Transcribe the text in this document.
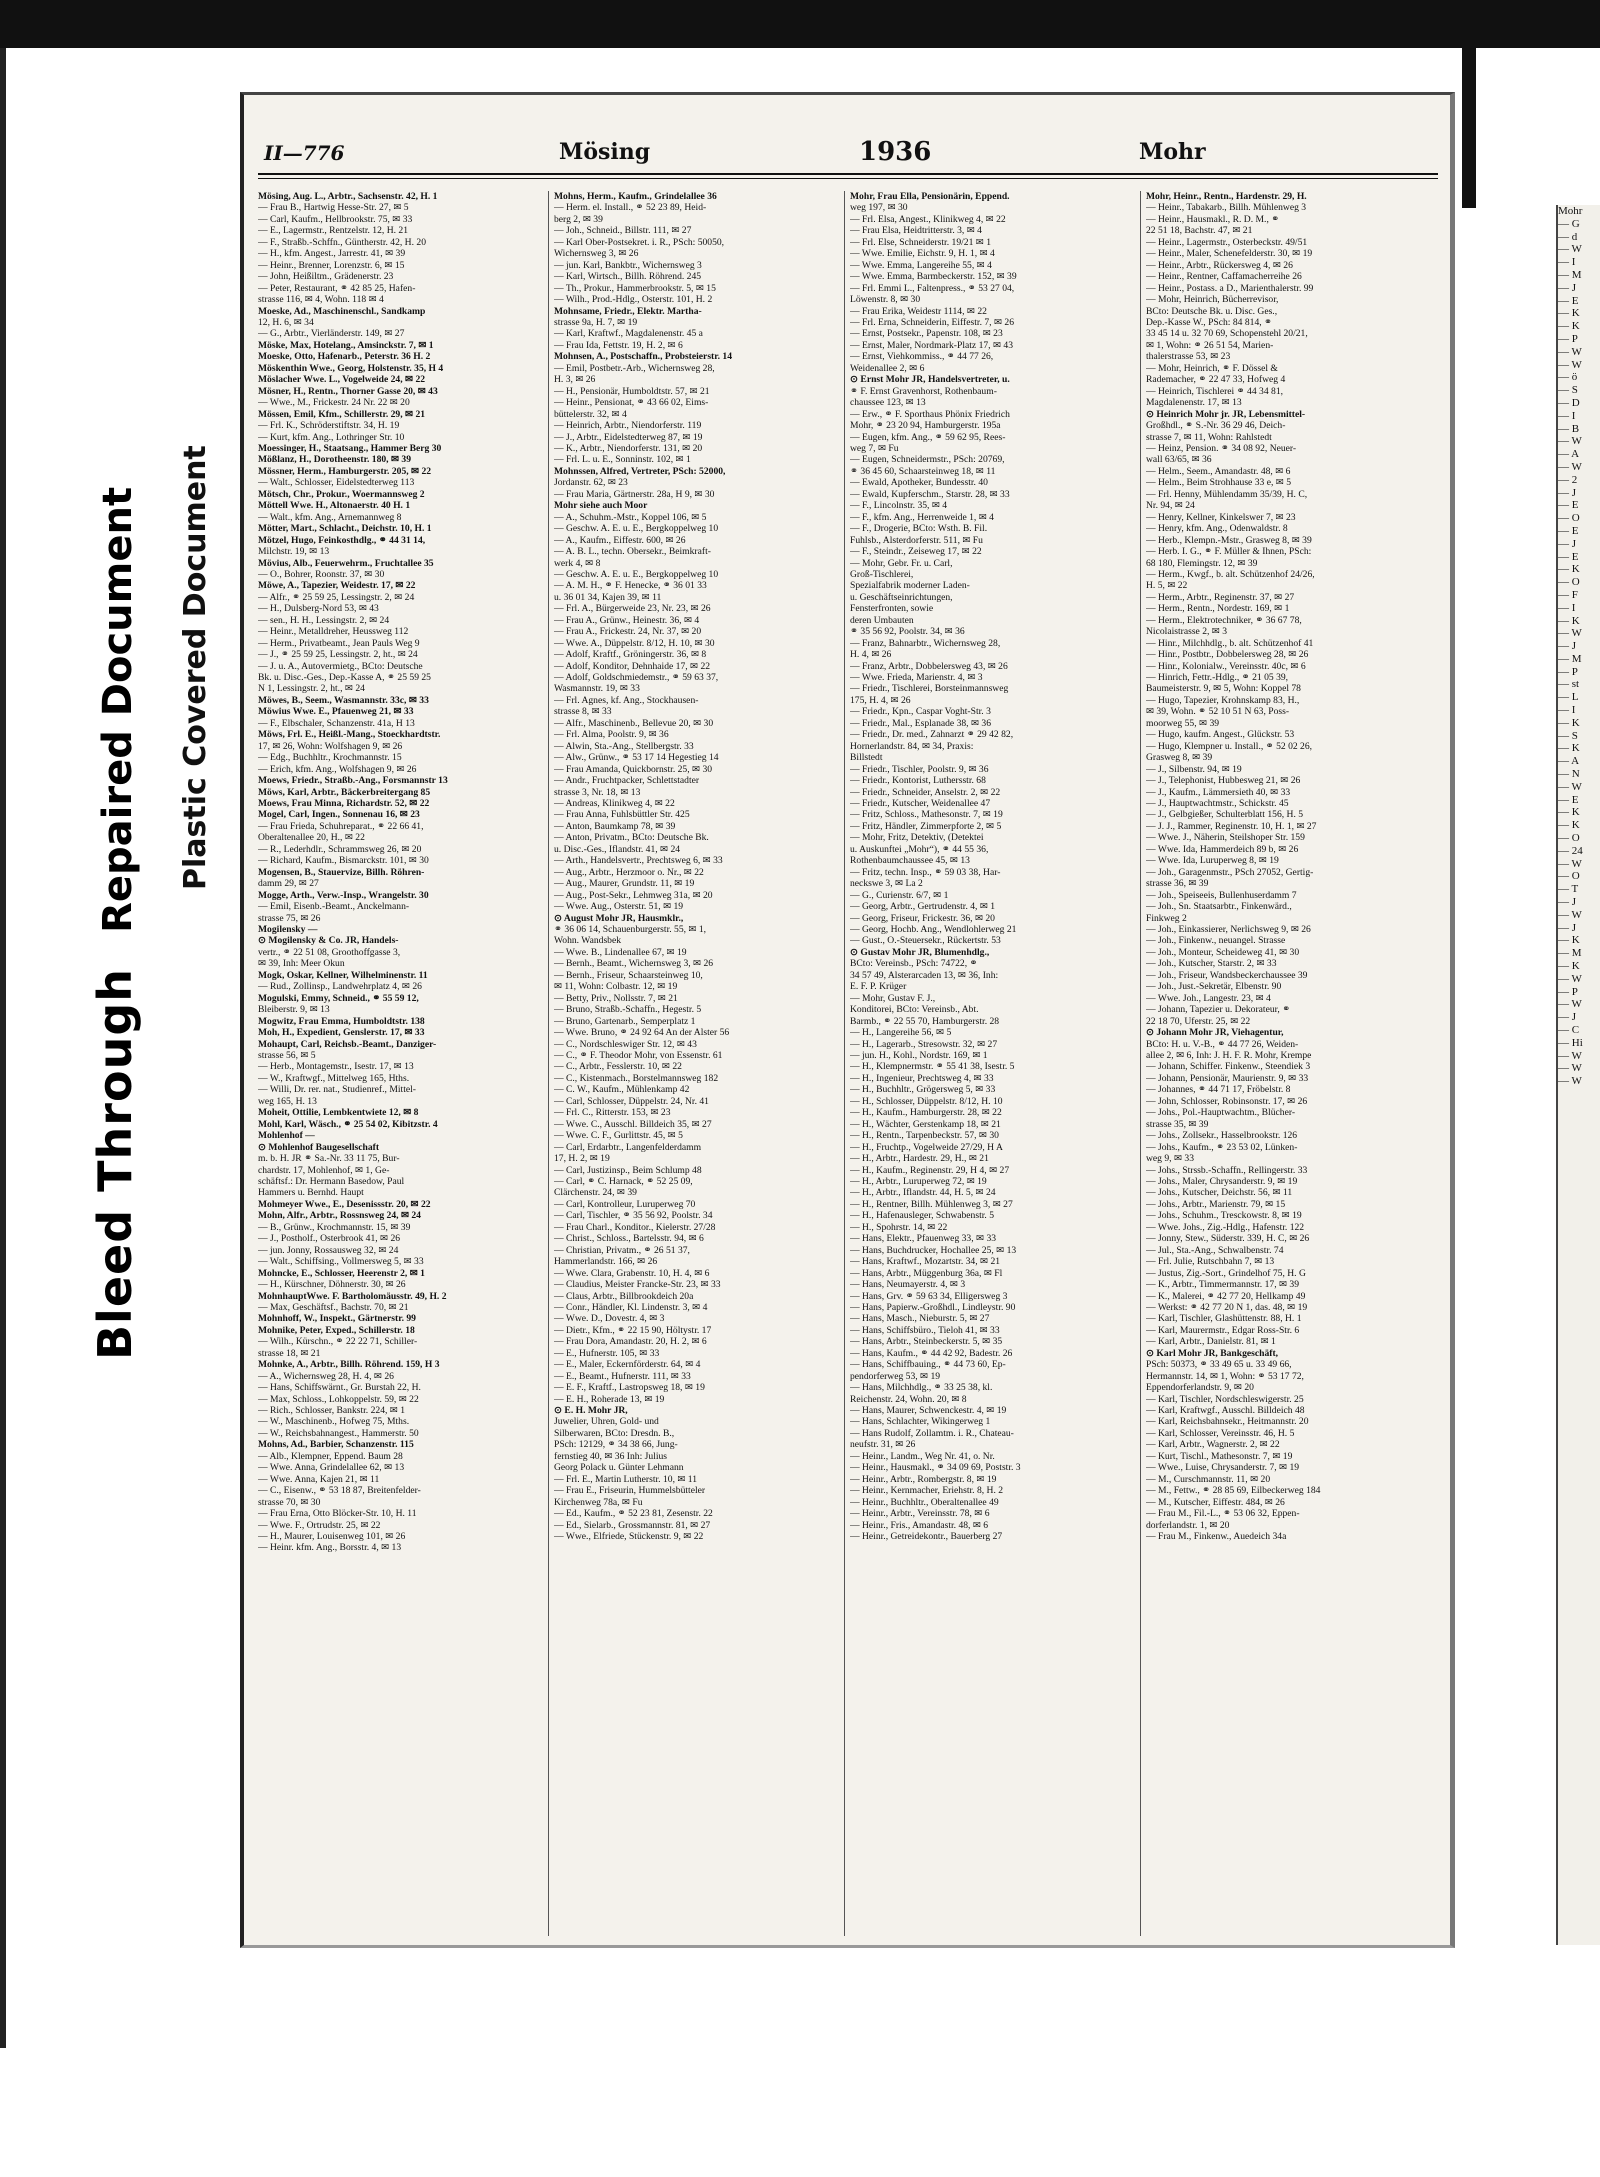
Bleed Through Repaired Document Plastic Covered Document
II—776	Mösing	1936	Mohr
Mösing, Aug. L., Arbtr., Sachsenstr. 42, H. 1
— Frau B., Hartwig Hesse-Str. 27, ✉ 5
— Carl, Kaufm., Hellbrookstr. 75, ✉ 33
— E., Lagermstr., Rentzelstr. 12, H. 21
— F., Straßb.-Schffn., Güntherstr. 42, H. 20
— H., kfm. Angest., Jarrestr. 41, ✉ 39
— Heinr., Brenner, Lorenzstr. 6, ✉ 15
— John, Heißiltm., Grädenerstr. 23
— Peter, Restaurant, ⚭ 42 85 25, Hafen-
strasse 116, ✉ 4, Wohn. 118 ✉ 4
Moeske, Ad., Maschinenschl., Sandkamp
12, H. 6, ✉ 34
— G., Arbtr., Vierländerstr. 149, ✉ 27
Möske, Max, Hotelang., Amsinckstr. 7, ✉ 1
Moeske, Otto, Hafenarb., Peterstr. 36 H. 2
Möskenthin Wwe., Georg, Holstenstr. 35, H 4
Möslacher Wwe. L., Vogelweide 24, ✉ 22
Mösner, H., Rentn., Thorner Gasse 20, ✉ 43
— Wwe., M., Frickestr. 24 Nr. 22 ✉ 20
Mössen, Emil, Kfm., Schillerstr. 29, ✉ 21
— Frl. K., Schröderstiftstr. 34, H. 19
— Kurt, kfm. Ang., Lothringer Str. 10
Moessinger, H., Staatsang., Hammer Berg 30
Mößlanz, H., Dorotheenstr. 180, ✉ 39
Mössner, Herm., Hamburgerstr. 205, ✉ 22
— Walt., Schlosser, Eidelstedterweg 113
Mötsch, Chr., Prokur., Woermannsweg 2
Möttell Wwe. H., Altonaerstr. 40 H. 1
— Walt., kfm. Ang., Arnemannweg 8
Mötter, Mart., Schlacht., Deichstr. 10, H. 1
Mötzel, Hugo, Feinkosthdlg., ⚭ 44 31 14,
Milchstr. 19, ✉ 13
Mövius, Alb., Feuerwehrm., Fruchtallee 35
— O., Bohrer, Roonstr. 37, ✉ 30
Möwe, A., Tapezier, Weidestr. 17, ✉ 22
— Alfr., ⚭ 25 59 25, Lessingstr. 2, ✉ 24
— H., Dulsberg-Nord 53, ✉ 43
— sen., H. H., Lessingstr. 2, ✉ 24
— Heinr., Metalldreher, Heussweg 112
— Herm., Privatbeamt., Jean Pauls Weg 9
— J., ⚭ 25 59 25, Lessingstr. 2, ht., ✉ 24
— J. u. A., Autovermietg., BCto: Deutsche
Bk. u. Disc.-Ges., Dep.-Kasse A, ⚭ 25 59 25
N 1, Lessingstr. 2, ht., ✉ 24
Möwes, B., Seem., Wasmannstr. 33c, ✉ 33
Möwius Wwe. E., Pfauenweg 21, ✉ 33
— F., Elbschaler, Schanzenstr. 41a, H 13
Möws, Frl. E., Heißl.-Mang., Stoeckhardtstr.
17, ✉ 26, Wohn: Wolfshagen 9, ✉ 26
— Edg., Buchhltr., Krochmannstr. 15
— Erich, kfm. Ang., Wolfshagen 9, ✉ 26
Moews, Friedr., Straßb.-Ang., Forsmannstr 13
Möws, Karl, Arbtr., Bäckerbreitergang 85
Moews, Frau Minna, Richardstr. 52, ✉ 22
Mogel, Carl, Ingen., Sonnenau 16, ✉ 23
— Frau Frieda, Schuhreparat., ⚭ 22 66 41,
Oberaltenallee 20, H., ✉ 22
— R., Lederhdlr., Schrammsweg 26, ✉ 20
— Richard, Kaufm., Bismarckstr. 101, ✉ 30
Mogensen, B., Stauervize, Billh. Röhren-
damm 29, ✉ 27
Mogge, Arth., Verw.-Insp., Wrangelstr. 30
— Emil, Eisenb.-Beamt., Anckelmann-
strasse 75, ✉ 26
Mogilensky —
⊙ Mogilensky & Co. JR, Handels-
vertr., ⚭ 22 51 08, Groothoffgasse 3,
✉ 39, Inh: Meer Okun
Mogk, Oskar, Kellner, Wilhelminenstr. 11
— Rud., Zollinsp., Landwehrplatz 4, ✉ 26
Mogulski, Emmy, Schneid., ⚭ 55 59 12,
Bleiberstr. 9, ✉ 13
Mogwitz, Frau Emma, Humboldtstr. 138
Moh, H., Expedient, Genslerstr. 17, ✉ 33
Mohaupt, Carl, Reichsb.-Beamt., Danziger-
strasse 56, ✉ 5
— Herb., Montagemstr., Isestr. 17, ✉ 13
— W., Kraftwgf., Mittelweg 165, Hths.
— Willi, Dr. rer. nat., Studienref., Mittel-
weg 165, H. 13
Moheit, Ottilie, Lembkentwiete 12, ✉ 8
Mohl, Karl, Wäsch., ⚭ 25 54 02, Kibitzstr. 4
Mohlenhof —
⊙ Mohlenhof Baugesellschaft
m. b. H. JR ⚭ Sa.-Nr. 33 11 75, Bur-
chardstr. 17, Mohlenhof, ✉ 1, Ge-
schäftsf.: Dr. Hermann Basedow, Paul
Hammers u. Bernhd. Haupt
Mohmeyer Wwe., E., Desenissstr. 20, ✉ 22
Mohn, Alfr., Arbtr., Rossnsweg 24, ✉ 24
— B., Grünw., Krochmannstr. 15, ✉ 39
— J., Postholf., Osterbrook 41, ✉ 26
— jun. Jonny, Rossausweg 32, ✉ 24
— Walt., Schiffsing., Vollmersweg 5, ✉ 33
Mohncke, E., Schlosser, Heerenstr 2, ✉ 1
— H., Kürschner, Döhnerstr. 30, ✉ 26
MohnhauptWwe. F. Bartholomäusstr. 49, H. 2
— Max, Geschäftsf., Bachstr. 70, ✉ 21
Mohnhoff, W., Inspekt., Gärtnerstr. 99
Mohnike, Peter, Exped., Schillerstr. 18
— Wilh., Kürschn., ⚭ 22 22 71, Schiller-
strasse 18, ✉ 21
Mohnke, A., Arbtr., Billh. Röhrend. 159, H 3
— A., Wichernsweg 28, H. 4, ✉ 26
— Hans, Schiffswärnt., Gr. Burstah 22, H.
— Max, Schloss., Lohkoppelstr. 59, ✉ 22
— Rich., Schlosser, Bankstr. 224, ✉ 1
— W., Maschinenb., Hofweg 75, Mths.
— W., Reichsbahnangest., Hammerstr. 50
Mohns, Ad., Barbier, Schanzenstr. 115
— Alb., Klempner, Eppend. Baum 28
— Wwe. Anna, Grindelallee 62, ✉ 13
— Wwe. Anna, Kajen 21, ✉ 11
— C., Eisenw., ⚭ 53 18 87, Breitenfelder-
strasse 70, ✉ 30
— Frau Erna, Otto Blöcker-Str. 10, H. 11
— Wwe. F., Ortrudstr. 25, ✉ 22
— H., Maurer, Louisenweg 101, ✉ 26
— Heinr. kfm. Ang., Borsstr. 4, ✉ 13
Mohns, Herm., Kaufm., Grindelallee 36
— Herm. el. Install., ⚭ 52 23 89, Heid-
berg 2, ✉ 39
— Joh., Schneid., Billstr. 111, ✉ 27
— Karl Ober-Postsekret. i. R., PSch: 50050,
Wichernsweg 3, ✉ 26
— jun. Karl, Bankbtr., Wichernsweg 3
— Karl, Wirtsch., Billh. Röhrend. 245
— Th., Prokur., Hammerbrookstr. 5, ✉ 15
— Wilh., Prod.-Hdlg., Osterstr. 101, H. 2
Mohnsame, Friedr., Elektr. Martha-
strasse 9a, H. 7, ✉ 19
— Karl, Kraftwf., Magdalenenstr. 45 a
— Frau Ida, Fettstr. 19, H. 2, ✉ 6
Mohnsen, A., Postschaffn., Probsteierstr. 14
— Emil, Postbetr.-Arb., Wichernsweg 28,
H. 3, ✉ 26
— H., Pensionär, Humboldtstr. 57, ✉ 21
— Heinr., Pensionat, ⚭ 43 66 02, Eims-
büttelerstr. 32, ✉ 4
— Heinrich, Arbtr., Niendorferstr. 119
— J., Arbtr., Eidelstedterweg 87, ✉ 19
— K., Arbtr., Niendorferstr. 131, ✉ 20
— Frl. L. u. E., Sonninstr. 102, ✉ 1
Mohnssen, Alfred, Vertreter, PSch: 52000,
Jordanstr. 62, ✉ 23
— Frau Maria, Gärtnerstr. 28a, H 9, ✉ 30
Mohr siehe auch Moor
— A., Schuhm.-Mstr., Koppel 106, ✉ 5
— Geschw. A. E. u. E., Bergkoppelweg 10
— A., Kaufm., Eiffestr. 600, ✉ 26
— A. B. L., techn. Obersekr., Beimkraft-
werk 4, ✉ 8
— Geschw. A. E. u. E., Bergkoppelweg 10
— A. M. H., ⚭ F. Henecke, ⚭ 36 01 33
u. 36 01 34, Kajen 39, ✉ 11
— Frl. A., Bürgerweide 23, Nr. 23, ✉ 26
— Frau A., Grünw., Heinestr. 36, ✉ 4
— Frau A., Frickestr. 24, Nr. 37, ✉ 20
— Wwe. A., Düppelstr. 8/12, H. 10, ✉ 30
— Adolf, Kraftf., Gröningerstr. 36, ✉ 8
— Adolf, Konditor, Dehnhaide 17, ✉ 22
— Adolf, Goldschmiedemstr., ⚭ 59 63 37,
Wasmannstr. 19, ✉ 33
— Frl. Agnes, kf. Ang., Stockhausen-
strasse 8, ✉ 33
— Alfr., Maschinenb., Bellevue 20, ✉ 30
— Frl. Alma, Poolstr. 9, ✉ 36
— Alwin, Sta.-Ang., Stellbergstr. 33
— Alw., Grünw., ⚭ 53 17 14 Hegestieg 14
— Frau Amanda, Quickbornstr. 25, ✉ 30
— Andr., Fruchtpacker, Schlettstadter
strasse 3, Nr. 18, ✉ 13
— Andreas, Klinikweg 4, ✉ 22
— Frau Anna, Fuhlsbüttler Str. 425
— Anton, Baumkamp 78, ✉ 39
— Anton, Privatm., BCto: Deutsche Bk.
u. Disc.-Ges., Iflandstr. 41, ✉ 24
— Arth., Handelsvertr., Prechtsweg 6, ✉ 33
— Aug., Arbtr., Herzmoor o. Nr., ✉ 22
— Aug., Maurer, Grundstr. 11, ✉ 19
— Aug., Post-Sekr., Lehmweg 31a, ✉ 20
— Wwe. Aug., Osterstr. 51, ✉ 19
⊙ August Mohr JR, Hausmklr.,
⚭ 36 06 14, Schauenburgerstr. 55, ✉ 1,
Wohn. Wandsbek
— Wwe. B., Lindenallee 67, ✉ 19
— Bernh., Beamt., Wichernsweg 3, ✉ 26
— Bernh., Friseur, Schaarsteinweg 10,
✉ 11, Wohn: Colbastr. 12, ✉ 19
— Betty, Priv., Nollsstr. 7, ✉ 21
— Bruno, Straßb.-Schaffn., Hegestr. 5
— Bruno, Gartenarb., Semperplatz 1
— Wwe. Bruno, ⚭ 24 92 64 An der Alster 56
— C., Nordschleswiger Str. 12, ✉ 43
— C., ⚭ F. Theodor Mohr, von Essenstr. 61
— C., Arbtr., Fesslerstr. 10, ✉ 22
— C., Kistenmach., Borstelmannsweg 182
— C. W., Kaufm., Mühlenkamp 42
— Carl, Schlosser, Düppelstr. 24, Nr. 41
— Frl. C., Ritterstr. 153, ✉ 23
— Wwe. C., Ausschl. Billdeich 35, ✉ 27
— Wwe. C. F., Gurlittstr. 45, ✉ 5
— Carl, Erdarbtr., Langenfelderdamm
17, H. 2, ✉ 19
— Carl, Justizinsp., Beim Schlump 48
— Carl, ⚭ C. Harnack, ⚭ 52 25 09,
Clärchenstr. 24, ✉ 39
— Carl, Kontrolleur, Luruperweg 70
— Carl, Tischler, ⚭ 35 56 92, Poolstr. 34
— Frau Charl., Konditor., Kielerstr. 27/28
— Christ., Schloss., Bartelsstr. 94, ✉ 6
— Christian, Privatm., ⚭ 26 51 37,
Hammerlandstr. 166, ✉ 26
— Wwe. Clara, Grabenstr. 10, H. 4, ✉ 6
— Claudius, Meister Francke-Str. 23, ✉ 33
— Claus, Arbtr., Billbrookdeich 20a
— Conr., Händler, Kl. Lindenstr. 3, ✉ 4
— Wwe. D., Dovestr. 4, ✉ 3
— Dietr., Kfm., ⚭ 22 15 90, Höltystr. 17
— Frau Dora, Amandastr. 20, H. 2, ✉ 6
— E., Hufnerstr. 105, ✉ 33
— E., Maler, Eckernförderstr. 64, ✉ 4
— E., Beamt., Hufnerstr. 111, ✉ 33
— E. F., Kraftf., Lastropsweg 18, ✉ 19
— E. H., Roherade 13, ✉ 19
⊙ E. H. Mohr JR,
Juwelier, Uhren, Gold- und
Silberwaren, BCto: Dresdn. B.,
PSch: 12129, ⚭ 34 38 66, Jung-
fernstieg 40, ✉ 36 Inh: Julius
Georg Polack u. Günter Lehmann
— Frl. E., Martin Lutherstr. 10, ✉ 11
— Frau E., Friseurin, Hummelsbütteler
Kirchenweg 78a, ✉ Fu
— Ed., Kaufm., ⚭ 52 23 81, Zesenstr. 22
— Ed., Sielarb., Grossmannstr. 81, ✉ 27
— Wwe., Elfriede, Stückenstr. 9, ✉ 22
Mohr, Frau Ella, Pensionärin, Eppend.
weg 197, ✉ 30
— Frl. Elsa, Angest., Klinikweg 4, ✉ 22
— Frau Elsa, Heidtritterstr. 3, ✉ 4
— Frl. Else, Schneiderstr. 19/21 ✉ 1
— Wwe. Emilie, Eichstr. 9, H. 1, ✉ 4
— Wwe. Emma, Langereihe 55, ✉ 4
— Wwe. Emma, Barmbeckerstr. 152, ✉ 39
— Frl. Emmi L., Faltenpress., ⚭ 53 27 04,
Löwenstr. 8, ✉ 30
— Frau Erika, Weidestr 1114, ✉ 22
— Frl. Erna, Schneiderin, Eiffestr. 7, ✉ 26
— Ernst, Postsekr., Papenstr. 108, ✉ 23
— Ernst, Maler, Nordmark-Platz 17, ✉ 43
— Ernst, Viehkommiss., ⚭ 44 77 26,
Weidenallee 2, ✉ 6
⊙ Ernst Mohr JR, Handelsvertreter, u.
⚭ F. Ernst Gravenhorst, Rothenbaum-
chaussee 123, ✉ 13
— Erw., ⚭ F. Sporthaus Phönix Friedrich
Mohr, ⚭ 23 20 94, Hamburgerstr. 195a
— Eugen, kfm. Ang., ⚭ 59 62 95, Rees-
weg 7, ✉ Fu
— Eugen, Schneidermstr., PSch: 20769,
⚭ 36 45 60, Schaarsteinweg 18, ✉ 11
— Ewald, Apotheker, Bundesstr. 40
— Ewald, Kupferschm., Starstr. 28, ✉ 33
— F., Lincolnstr. 35, ✉ 4
— F., kfm. Ang., Herrenweide 1, ✉ 4
— F., Drogerie, BCto: Wsth. B. Fil.
Fuhlsb., Alsterdorferstr. 511, ✉ Fu
— F., Steindr., Zeiseweg 17, ✉ 22
— Mohr, Gebr. Fr. u. Carl,
Groß-Tischlerei,
Spezialfabrik moderner Laden-
u. Geschäftseinrichtungen,
Fensterfronten, sowie
deren Umbauten
⚭ 35 56 92, Poolstr. 34, ✉ 36
— Franz, Bahnarbtr., Wichernsweg 28,
H. 4, ✉ 26
— Franz, Arbtr., Dobbelersweg 43, ✉ 26
— Wwe. Frieda, Marienstr. 4, ✉ 3
— Friedr., Tischlerei, Borsteinmannsweg
175, H. 4, ✉ 26
— Friedr., Kpn., Caspar Voght-Str. 3
— Friedr., Mal., Esplanade 38, ✉ 36
— Friedr., Dr. med., Zahnarzt ⚭ 29 42 82,
Hornerlandstr. 84, ✉ 34, Praxis:
Billstedt
— Friedr., Tischler, Poolstr. 9, ✉ 36
— Friedr., Kontorist, Luthersstr. 68
— Friedr., Schneider, Anselstr. 2, ✉ 22
— Friedr., Kutscher, Weidenallee 47
— Fritz, Schloss., Mathesonstr. 7, ✉ 19
— Fritz, Händler, Zimmerpforte 2, ✉ 5
— Mohr, Fritz, Detektiv, (Detektei
u. Auskunftei „Mohr“), ⚭ 44 55 36,
Rothenbaumchaussee 45, ✉ 13
— Fritz, techn. Insp., ⚭ 59 03 38, Har-
neckswe 3, ✉ La 2
— G., Curienstr. 6/7, ✉ 1
— Georg, Arbtr., Gertrudenstr. 4, ✉ 1
— Georg, Friseur, Frickestr. 36, ✉ 20
— Georg, Hochb. Ang., Wendlohlerweg 21
— Gust., O.-Steuersekr., Rückertstr. 53
⊙ Gustav Mohr JR, Blumenhdlg.,
BCto: Vereinsb., PSch: 74722, ⚭
34 57 49, Alsterarcaden 13, ✉ 36, Inh:
E. F. P. Krüger
— Mohr, Gustav F. J.,
Konditorei, BCto: Vereinsb., Abt.
Barmb., ⚭ 22 55 70, Hamburgerstr. 28
— H., Langereihe 56, ✉ 5
— H., Lagerarb., Stresowstr. 32, ✉ 27
— jun. H., Kohl., Nordstr. 169, ✉ 1
— H., Klempnermstr. ⚭ 55 41 38, Isestr. 5
— H., Ingenieur, Prechtsweg 4, ✉ 33
— H., Buchhltr., Grögersweg 5, ✉ 33
— H., Schlosser, Düppelstr. 8/12, H. 10
— H., Kaufm., Hamburgerstr. 28, ✉ 22
— H., Wächter, Gerstenkamp 18, ✉ 21
— H., Rentn., Tarpenbeckstr. 57, ✉ 30
— H., Fruchtp., Vogelweide 27/29, H A
— H., Arbtr., Hardestr. 29, H., ✉ 21
— H., Kaufm., Reginenstr. 29, H 4, ✉ 27
— H., Arbtr., Luruperweg 72, ✉ 19
— H., Arbtr., Iflandstr. 44, H. 5, ✉ 24
— H., Rentner, Billh. Mühlenweg 3, ✉ 27
— H., Hafenausleger, Schwabenstr. 5
— H., Spohrstr. 14, ✉ 22
— Hans, Elektr., Pfauenweg 33, ✉ 33
— Hans, Buchdrucker, Hochallee 25, ✉ 13
— Hans, Kraftwf., Mozartstr. 34, ✉ 21
— Hans, Arbtr., Müggenburg 36a, ✉ Fl
— Hans, Neumayerstr. 4, ✉ 3
— Hans, Grv. ⚭ 59 63 34, Elligersweg 3
— Hans, Papierw.-Großhdl., Lindleystr. 90
— Hans, Masch., Nieburstr. 5, ✉ 27
— Hans, Schiffsbüro., Tieloh 41, ✉ 33
— Hans, Arbtr., Steinbeckerstr. 5, ✉ 35
— Hans, Kaufm., ⚭ 44 42 92, Badestr. 26
— Hans, Schiffbauing., ⚭ 44 73 60, Ep-
pendorferweg 53, ✉ 19
— Hans, Milchhdlg., ⚭ 33 25 38, kl.
Reichenstr. 24, Wohn. 20, ✉ 8
— Hans, Maurer, Schwenckestr. 4, ✉ 19
— Hans, Schlachter, Wikingerweg 1
— Hans Rudolf, Zollamtm. i. R., Chateau-
neufstr. 31, ✉ 26
— Heinr., Landm., Weg Nr. 41, o. Nr.
— Heinr., Hausmakl., ⚭ 34 09 69, Poststr. 3
— Heinr., Arbtr., Rombergstr. 8, ✉ 19
— Heinr., Kernmacher, Eriehstr. 8, H. 2
— Heinr., Buchhltr., Oberaltenallee 49
— Heinr., Arbtr., Vereinsstr. 78, ✉ 6
— Heinr., Fris., Amandastr. 48, ✉ 6
— Heinr., Getreidekontr., Bauerberg 27
Mohr, Heinr., Rentn., Hardenstr. 29, H.
— Heinr., Tabakarb., Billh. Mühlenweg 3
— Heinr., Hausmakl., R. D. M., ⚭
22 51 18, Bachstr. 47, ✉ 21
— Heinr., Lagermstr., Osterbeckstr. 49/51
— Heinr., Maler, Schenefelderstr. 30, ✉ 19
— Heinr., Arbtr., Rückersweg 4, ✉ 26
— Heinr., Rentner, Caffamacherreihe 26
— Heinr., Postass. a D., Marienthalerstr. 99
— Mohr, Heinrich, Bücherrevisor,
BCto: Deutsche Bk. u. Disc. Ges.,
Dep.-Kasse W., PSch: 84 814, ⚭
33 45 14 u. 32 70 69, Schopenstehl 20/21,
✉ 1, Wohn: ⚭ 26 51 54, Marien-
thalerstrasse 53, ✉ 23
— Mohr, Heinrich, ⚭ F. Dössel &
Rademacher, ⚭ 22 47 33, Hofweg 4
— Heinrich, Tischlerei ⚭ 44 34 81,
Magdalenenstr. 17, ✉ 13
⊙ Heinrich Mohr jr. JR, Lebensmittel-
Großhdl., ⚭ S.-Nr. 36 29 46, Deich-
strasse 7, ✉ 11, Wohn: Rahlstedt
— Heinz, Pension. ⚭ 34 08 92, Neuer-
wall 63/65, ✉ 36
— Helm., Seem., Amandastr. 48, ✉ 6
— Helm., Beim Strohhause 33 e, ✉ 5
— Frl. Henny, Mühlendamm 35/39, H. C,
Nr. 94, ✉ 24
— Henry, Kellner, Kinkelswer 7, ✉ 23
— Henry, kfm. Ang., Odenwaldstr. 8
— Herb., Klempn.-Mstr., Grasweg 8, ✉ 39
— Herb. I. G., ⚭ F. Müller & Ihnen, PSch:
68 180, Flemingstr. 12, ✉ 39
— Herm., Kwgf., b. alt. Schützenhof 24/26,
H. 5, ✉ 22
— Herm., Arbtr., Reginenstr. 37, ✉ 27
— Herm., Rentn., Nordestr. 169, ✉ 1
— Herm., Elektrotechniker, ⚭ 36 67 78,
Nicolaistrasse 2, ✉ 3
— Hinr., Milchhdlg., b. alt. Schützenhof 41
— Hinr., Postbtr., Dobbelersweg 28, ✉ 26
— Hinr., Kolonialw., Vereinsstr. 40c, ✉ 6
— Hinrich, Fettr.-Hdlg., ⚭ 21 05 39,
Baumeisterstr. 9, ✉ 5, Wohn: Koppel 78
— Hugo, Tapezier, Krohnskamp 83, H.,
✉ 39, Wohn. ⚭ 52 10 51 N 63, Poss-
moorweg 55, ✉ 39
— Hugo, kaufm. Angest., Glückstr. 53
— Hugo, Klempner u. Install., ⚭ 52 02 26,
Grasweg 8, ✉ 39
— J., Silbenstr. 94, ✉ 19
— J., Telephonist, Hubbesweg 21, ✉ 26
— J., Kaufm., Lämmersieth 40, ✉ 33
— J., Hauptwachtmstr., Schickstr. 45
— J., Gelbgießer, Schulterblatt 156, H. 5
— J. J., Rammer, Reginenstr. 10, H. 1, ✉ 27
— Wwe. J., Näherin, Steilshoper Str. 159
— Wwe. Ida, Hammerdeich 89 b, ✉ 26
— Wwe. Ida, Luruperweg 8, ✉ 19
— Joh., Garagenmstr., PSch 27052, Gertig-
strasse 36, ✉ 39
— Joh., Speiseeis, Bullenhuserdamm 7
— Joh., Sn. Staatsarbtr., Finkenwärd.,
Finkweg 2
— Joh., Einkassierer, Nerlichsweg 9, ✉ 26
— Joh., Finkenw., neuangel. Strasse
— Joh., Monteur, Scheideweg 41, ✉ 30
— Joh., Kutscher, Starstr. 2, ✉ 33
— Joh., Friseur, Wandsbeckerchaussee 39
— Joh., Just.-Sekretär, Elbenstr. 90
— Wwe. Joh., Langestr. 23, ✉ 4
— Johann, Tapezier u. Dekorateur, ⚭
22 18 70, Uferstr. 25, ✉ 22
⊙ Johann Mohr JR, Viehagentur,
BCto: H. u. V.-B., ⚭ 44 77 26, Weiden-
allee 2, ✉ 6, Inh: J. H. F. R. Mohr, Krempe
— Johann, Schiffer. Finkenw., Steendiek 3
— Johann, Pensionär, Maurienstr. 9, ✉ 33
— Johannes, ⚭ 44 71 17, Fröbelstr. 8
— John, Schlosser, Robinsonstr. 17, ✉ 26
— Johs., Pol.-Hauptwachtm., Blücher-
strasse 35, ✉ 39
— Johs., Zollsekr., Hasselbrookstr. 126
— Johs., Kaufm., ⚭ 23 53 02, Lünken-
weg 9, ✉ 33
— Johs., Strssb.-Schaffn., Rellingerstr. 33
— Johs., Maler, Chrysanderstr. 9, ✉ 19
— Johs., Kutscher, Deichstr. 56, ✉ 11
— Johs., Arbtr., Marienstr. 79, ✉ 15
— Johs., Schuhm., Tresckowstr. 8, ✉ 19
— Wwe. Johs., Zig.-Hdlg., Hafenstr. 122
— Jonny, Stew., Süderstr. 339, H. C, ✉ 26
— Jul., Sta.-Ang., Schwalbenstr. 74
— Frl. Julie, Rutschbahn 7, ✉ 13
— Justus, Zig.-Sort., Grindelhof 75, H. G
— K., Arbtr., Timmermannstr. 17, ✉ 39
— K., Malerei, ⚭ 42 77 20, Hellkamp 49
— Werkst: ⚭ 42 77 20 N 1, das. 48, ✉ 19
— Karl, Tischler, Glashüttenstr. 88, H. 1
— Karl, Maurermstr., Edgar Ross-Str. 6
— Karl, Arbtr., Danielstr. 81, ✉ 1
⊙ Karl Mohr JR, Bankgeschäft,
PSch: 50373, ⚭ 33 49 65 u. 33 49 66,
Hermannstr. 14, ✉ 1, Wohn: ⚭ 53 17 72,
Eppendorferlandstr. 9, ✉ 20
— Karl, Tischler, Nordschleswigerstr. 25
— Karl, Kraftwgf., Ausschl. Billdeich 48
— Karl, Reichsbahnsekr., Heitmannstr. 20
— Karl, Schlosser, Vereinsstr. 46, H. 5
— Karl, Arbtr., Wagnerstr. 2, ✉ 22
— Kurt, Tischl., Mathesonstr. 7, ✉ 19
— Wwe., Luise, Chrysanderstr. 7, ✉ 19
— M., Curschmannstr. 11, ✉ 20
— M., Fettw., ⚭ 28 85 69, Eilbeckerweg 184
— M., Kutscher, Eiffestr. 484, ✉ 26
— Frau M., Fil.-L., ⚭ 53 06 32, Eppen-
dorferlandstr. 1, ✉ 20
— Frau M., Finkenw., Auedeich 34a
Mohr
— G
— d
— W
— I
— M
— J
— E
— K
— K
— P
— W
— W
— ö
— S
— D
— I
— B
— W
— A
— W
— 2
— J
— E
— O
— E
— J
— E
— K
— O
— F
— I
— K
— W
— J
— M
— P
— st
— L
— I
— K
— S
— K
— A
— N
— W
— E
— K
— K
— O
— 24
— W
— O
— T
— J
— W
— J
— K
— M
— K
— W
— P
— W
— J
— C
— Hi
— W
— W
— W
